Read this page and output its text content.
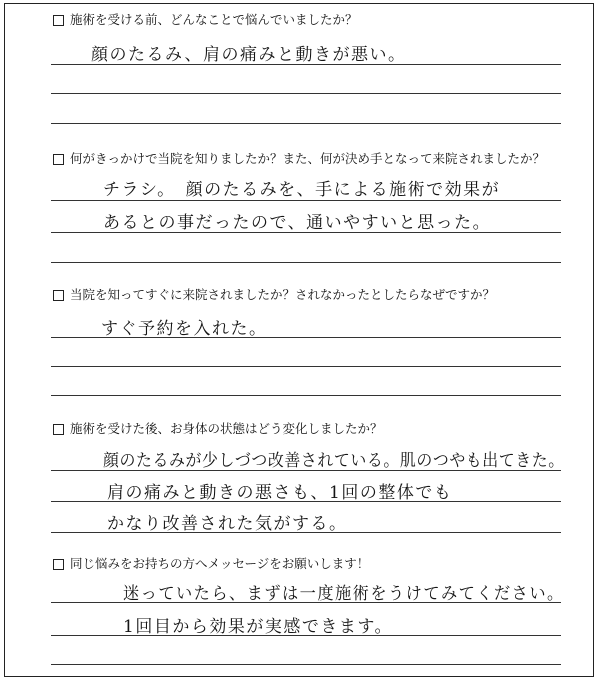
施術を受ける前、どんなことで悩んでいましたか？
顔のたるみ、肩の痛みと動きが悪い。
何がきっかけで当院を知りましたか？また、何が決め手となって来院されましたか？
チラシ。　顔のたるみを、手による施術で効果が
あるとの事だったので、通いやすいと思った。
当院を知ってすぐに来院されましたか？されなかったとしたらなぜですか？
すぐ予約を入れた。
施術を受けた後、お身体の状態はどう変化しましたか？
顔のたるみが少しづつ改善されている。肌のつやも出てきた。
肩の痛みと動きの悪さも、1回の整体でも
かなり改善された気がする。
同じ悩みをお持ちの方へメッセージをお願いします！
迷っていたら、まずは一度施術をうけてみてください。
1回目から効果が実感できます。
